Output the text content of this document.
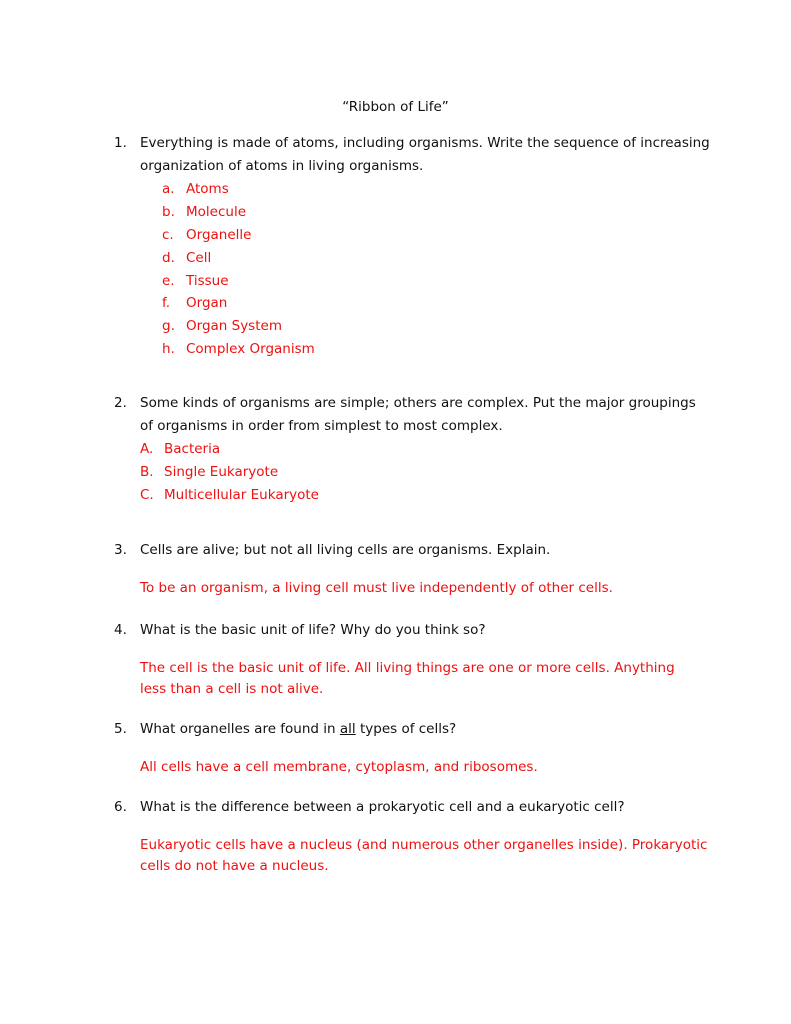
“Ribbon of Life”
1. Everything is made of atoms, including organisms. Write the sequence of increasing
organization of atoms in living organisms.
a. Atoms
b. Molecule
c. Organelle
d. Cell
e. Tissue
f. Organ
g. Organ System
h. Complex Organism
2. Some kinds of organisms are simple; others are complex. Put the major groupings
of organisms in order from simplest to most complex.
A. Bacteria
B. Single Eukaryote
C. Multicellular Eukaryote
3. Cells are alive; but not all living cells are organisms. Explain.
To be an organism, a living cell must live independently of other cells.
4. What is the basic unit of life? Why do you think so?
The cell is the basic unit of life. All living things are one or more cells. Anything
less than a cell is not alive.
5. What organelles are found in all types of cells?
All cells have a cell membrane, cytoplasm, and ribosomes.
6. What is the difference between a prokaryotic cell and a eukaryotic cell?
Eukaryotic cells have a nucleus (and numerous other organelles inside). Prokaryotic
cells do not have a nucleus.
